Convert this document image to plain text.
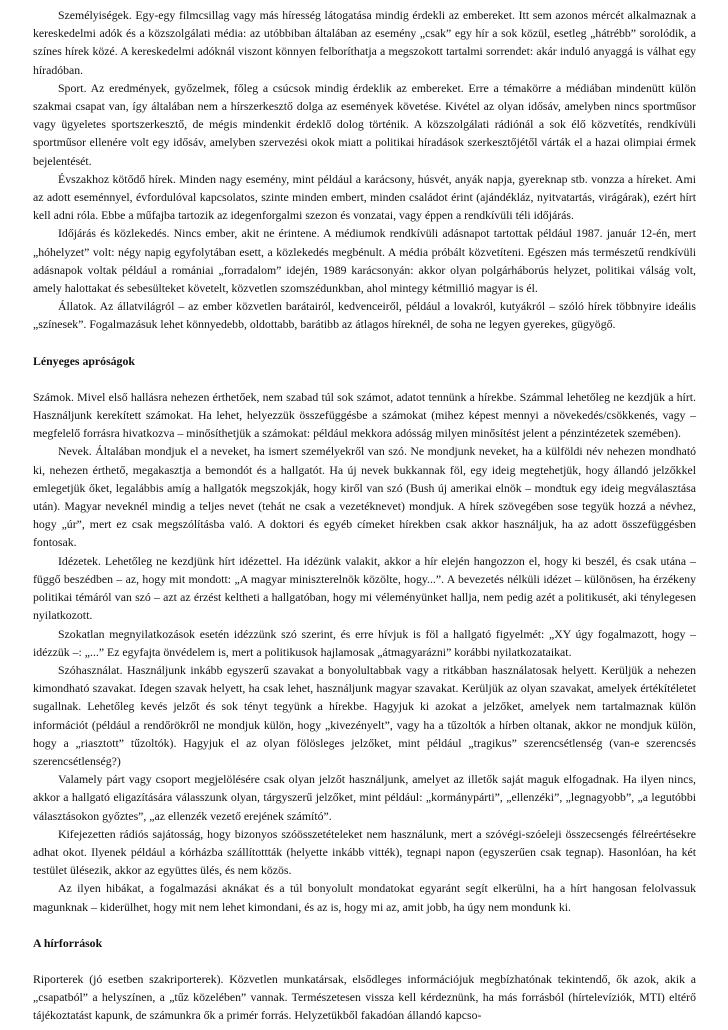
Személyiségek. Egy-egy filmcsillag vagy más híresség látogatása mindig érdekli az embereket. Itt sem azonos mércét alkalmaznak a kereskedelmi adók és a közszolgálati média: az utóbbiban általában az esemény „csak” egy hír a sok közül, esetleg „hátrébb” sorolódik, a színes hírek közé. A kereskedelmi adóknál viszont könnyen felboríthatja a megszokott tartalmi sorrendet: akár induló anyaggá is válhat egy híradóban.

Sport. Az eredmények, győzelmek, főleg a csúcsok mindig érdeklik az embereket. Erre a témakörre a médiában mindenütt külön szakmai csapat van, így általában nem a hírszerkesztő dolga az események követése. Kivétel az olyan idősáv, amelyben nincs sportműsor vagy ügyeletes sportszerkesztő, de mégis mindenkit érdeklő dolog történik. A közszolgálati rádiónál a sok élő közvetítés, rendkívüli sportműsor ellenére volt egy idősáv, amelyben szervezési okok miatt a politikai híradások szerkesztőjétől várták el a hazai olimpiai érmek bejelentését.

Évszakhoz kötődő hírek. Minden nagy esemény, mint például a karácsony, húsvét, anyák napja, gyereknap stb. vonzza a híreket. Ami az adott eseménnyel, évfordulóval kapcsolatos, szinte minden embert, minden családot érint (ajándékláz, nyitvatartás, virágárak), ezért hírt kell adni róla. Ebbe a műfajba tartozik az idegenforgalmi szezon és vonzatai, vagy éppen a rendkívüli téli időjárás.

Időjárás és közlekedés. Nincs ember, akit ne érintene. A médiumok rendkívüli adásnapot tartottak például 1987. január 12-én, mert „hóhelyzet” volt: négy napig egyfolytában esett, a közlekedés megbénult. A média próbált közvetíteni. Egészen más természetű rendkívüli adásnapok voltak például a romániai „forradalom” idején, 1989 karácsonyán: akkor olyan polgárháborús helyzet, politikai válság volt, amely halottakat és sebesülteket követelt, közvetlen szomszédunkban, ahol mintegy kétmillió magyar is él.

Állatok. Az állatvilágról – az ember közvetlen barátairól, kedvenceiről, például a lovakról, kutyákról – szóló hírek többnyire ideális „színesek”. Fogalmazásuk lehet könnyedebb, oldottabb, barátibb az átlagos híreknél, de soha ne legyen gyerekes, gügyögő.

Lényeges apróságok

Számok. Mivel első hallásra nehezen érthetőek, nem szabad túl sok számot, adatot tennünk a hírekbe. Számmal lehetőleg ne kezdjük a hírt. Használjunk kerekített számokat. Ha lehet, helyezzük összefüggésbe a számokat (mihez képest mennyi a növekedés/csökkenés, vagy – megfelelő forrásra hivatkozva – minősíthetjük a számokat: például mekkora adósság milyen minősítést jelent a pénzintézetek szemében).

Nevek. Általában mondjuk el a neveket, ha ismert személyekről van szó. Ne mondjunk neveket, ha a külföldi név nehezen mondható ki, nehezen érthető, megakasztja a bemondót és a hallgatót. Ha új nevek bukkannak föl, egy ideig megtehetjük, hogy állandó jelzőkkel emlegetjük őket, legalábbis amíg a hallgatók megszokják, hogy kiről van szó (Bush új amerikai elnök – mondtuk egy ideig megválasztása után). Magyar neveknél mindig a teljes nevet (tehát ne csak a vezetéknevet) mondjuk. A hírek szövegében sose tegyük hozzá a névhez, hogy „úr”, mert ez csak megszólításba való. A doktori és egyéb címeket hírekben csak akkor használjuk, ha az adott összefüggésben fontosak.

Idézetek. Lehetőleg ne kezdjünk hírt idézettel. Ha idézünk valakit, akkor a hír elején hangozzon el, hogy ki beszél, és csak utána – függő beszédben – az, hogy mit mondott: „A magyar miniszterelnök közölte, hogy...”. A bevezetés nélküli idézet – különösen, ha érzékeny politikai témáról van szó – azt az érzést keltheti a hallgatóban, hogy mi véleményünket hallja, nem pedig azét a politikusét, aki ténylegesen nyilatkozott.

Szokatlan megnyilatkozások esetén idézzünk szó szerint, és erre hívjuk is föl a hallgató figyelmét: „XY úgy fogalmazott, hogy – idézzük –: „...” Ez egyfajta önvédelem is, mert a politikusok hajlamosak „átmagyarázni” korábbi nyilatkozataikat.

Szóhasználat. Használjunk inkább egyszerű szavakat a bonyolultabbak vagy a ritkábban használatosak helyett. Kerüljük a nehezen kimondható szavakat. Idegen szavak helyett, ha csak lehet, használjunk magyar szavakat. Kerüljük az olyan szavakat, amelyek értékítéletet sugallnak. Lehetőleg kevés jelzőt és sok tényt tegyünk a hírekbe. Hagyjuk ki azokat a jelzőket, amelyek nem tartalmaznak külön információt (például a rendőrökről ne mondjuk külön, hogy „kivezényelt”, vagy ha a tűzoltók a hírben oltanak, akkor ne mondjuk külön, hogy a „riasztott” tűzoltók). Hagyjuk el az olyan fölösleges jelzőket, mint például „tragikus” szerencsétlenség (van-e szerencsés szerencsétlenség?)

Valamely párt vagy csoport megjelölésére csak olyan jelzőt használjunk, amelyet az illetők saját maguk elfogadnak. Ha ilyen nincs, akkor a hallgató eligazítására válasszunk olyan, tárgyszerű jelzőket, mint például: „kormánypárti”, „ellenzéki”, „legnagyobb”, „a legutóbbi választásokon győztes”, „az ellenzék vezető erejének számító”.

Kifejezetten rádiós sajátosság, hogy bizonyos szóösszetételeket nem használunk, mert a szóvégi-szóeleji összecsengés félreértésekre adhat okot. Ilyenek például a kórházba szállítottták (helyette inkább vitték), tegnapi napon (egyszerűen csak tegnap). Hasonlóan, ha két testület ülésezik, akkor az együttes ülés, és nem közös.

Az ilyen hibákat, a fogalmazási aknákat és a túl bonyolult mondatokat egyaránt segít elkerülni, ha a hírt hangosan felolvassuk magunknak – kiderülhet, hogy mit nem lehet kimondani, és az is, hogy mi az, amit jobb, ha úgy nem mondunk ki.

A hírforrások

Riporterek (jó esetben szakriporterek). Közvetlen munkatársak, elsődleges információjuk megbízhatónak tekintendő, ők azok, akik a „csapatból” a helyszínen, a „tűz közelében” vannak. Természetesen vissza kell kérdeznünk, ha más forrásból (hírtelevíziók, MTI) eltérő tájékoztatást kapunk, de számunkra ők a primér forrás. Helyzetükből fakadóan állandó kapcso-
